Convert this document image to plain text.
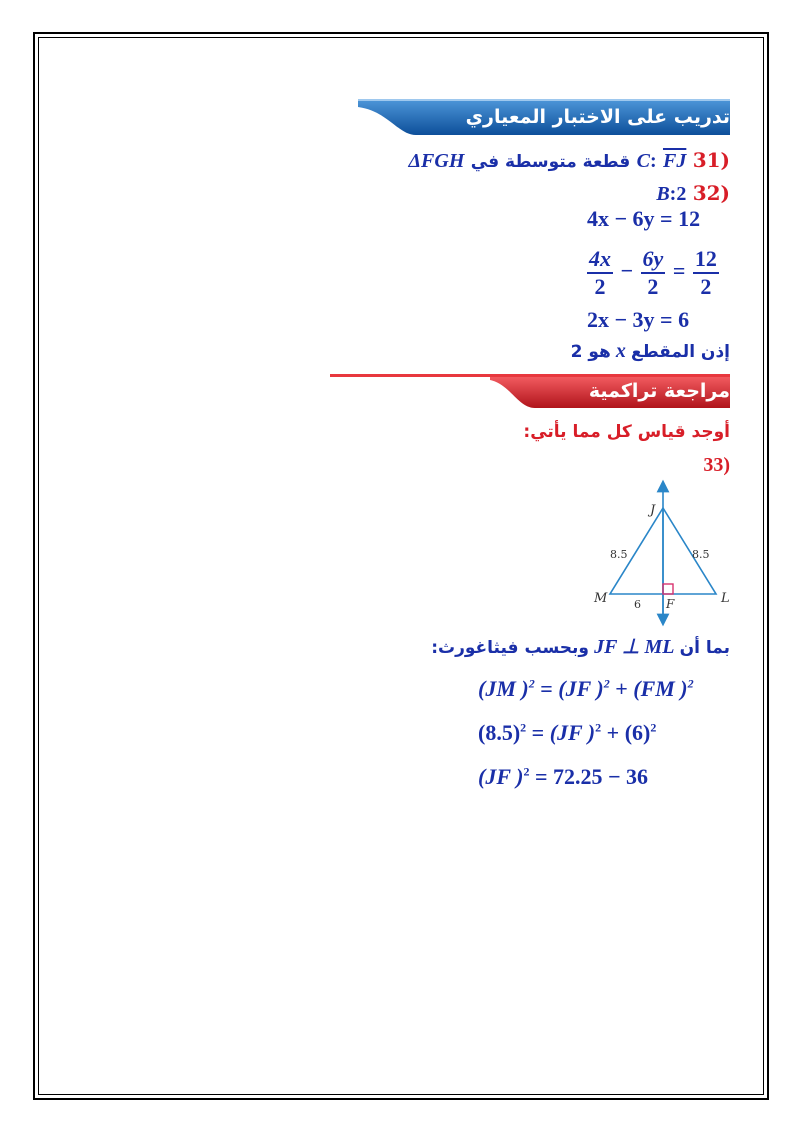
تدريب على الاختبار المعياري
(31 C: FJ قطعة متوسطة في ΔFGH
(32 B:2
4x − 6y = 12
$\frac{4x}{2} - \frac{6y}{2} = \frac{12}{2}$
2x − 3y = 6
إذن المقطع x هو 2
مراجعة تراكمية
أوجد قياس كل مما يأتي:
(33
J
M	L
F
8.5	8.5
6
بما أن JF ⊥ ML وبحسب فيثاغورث:
(JM )$^2$ = (JF )$^2$ + (FM )$^2$
$(8.5)^2 = (JF$ )$^2 + (6)^2$
(JF )$^2$ = 72.25 − 36
